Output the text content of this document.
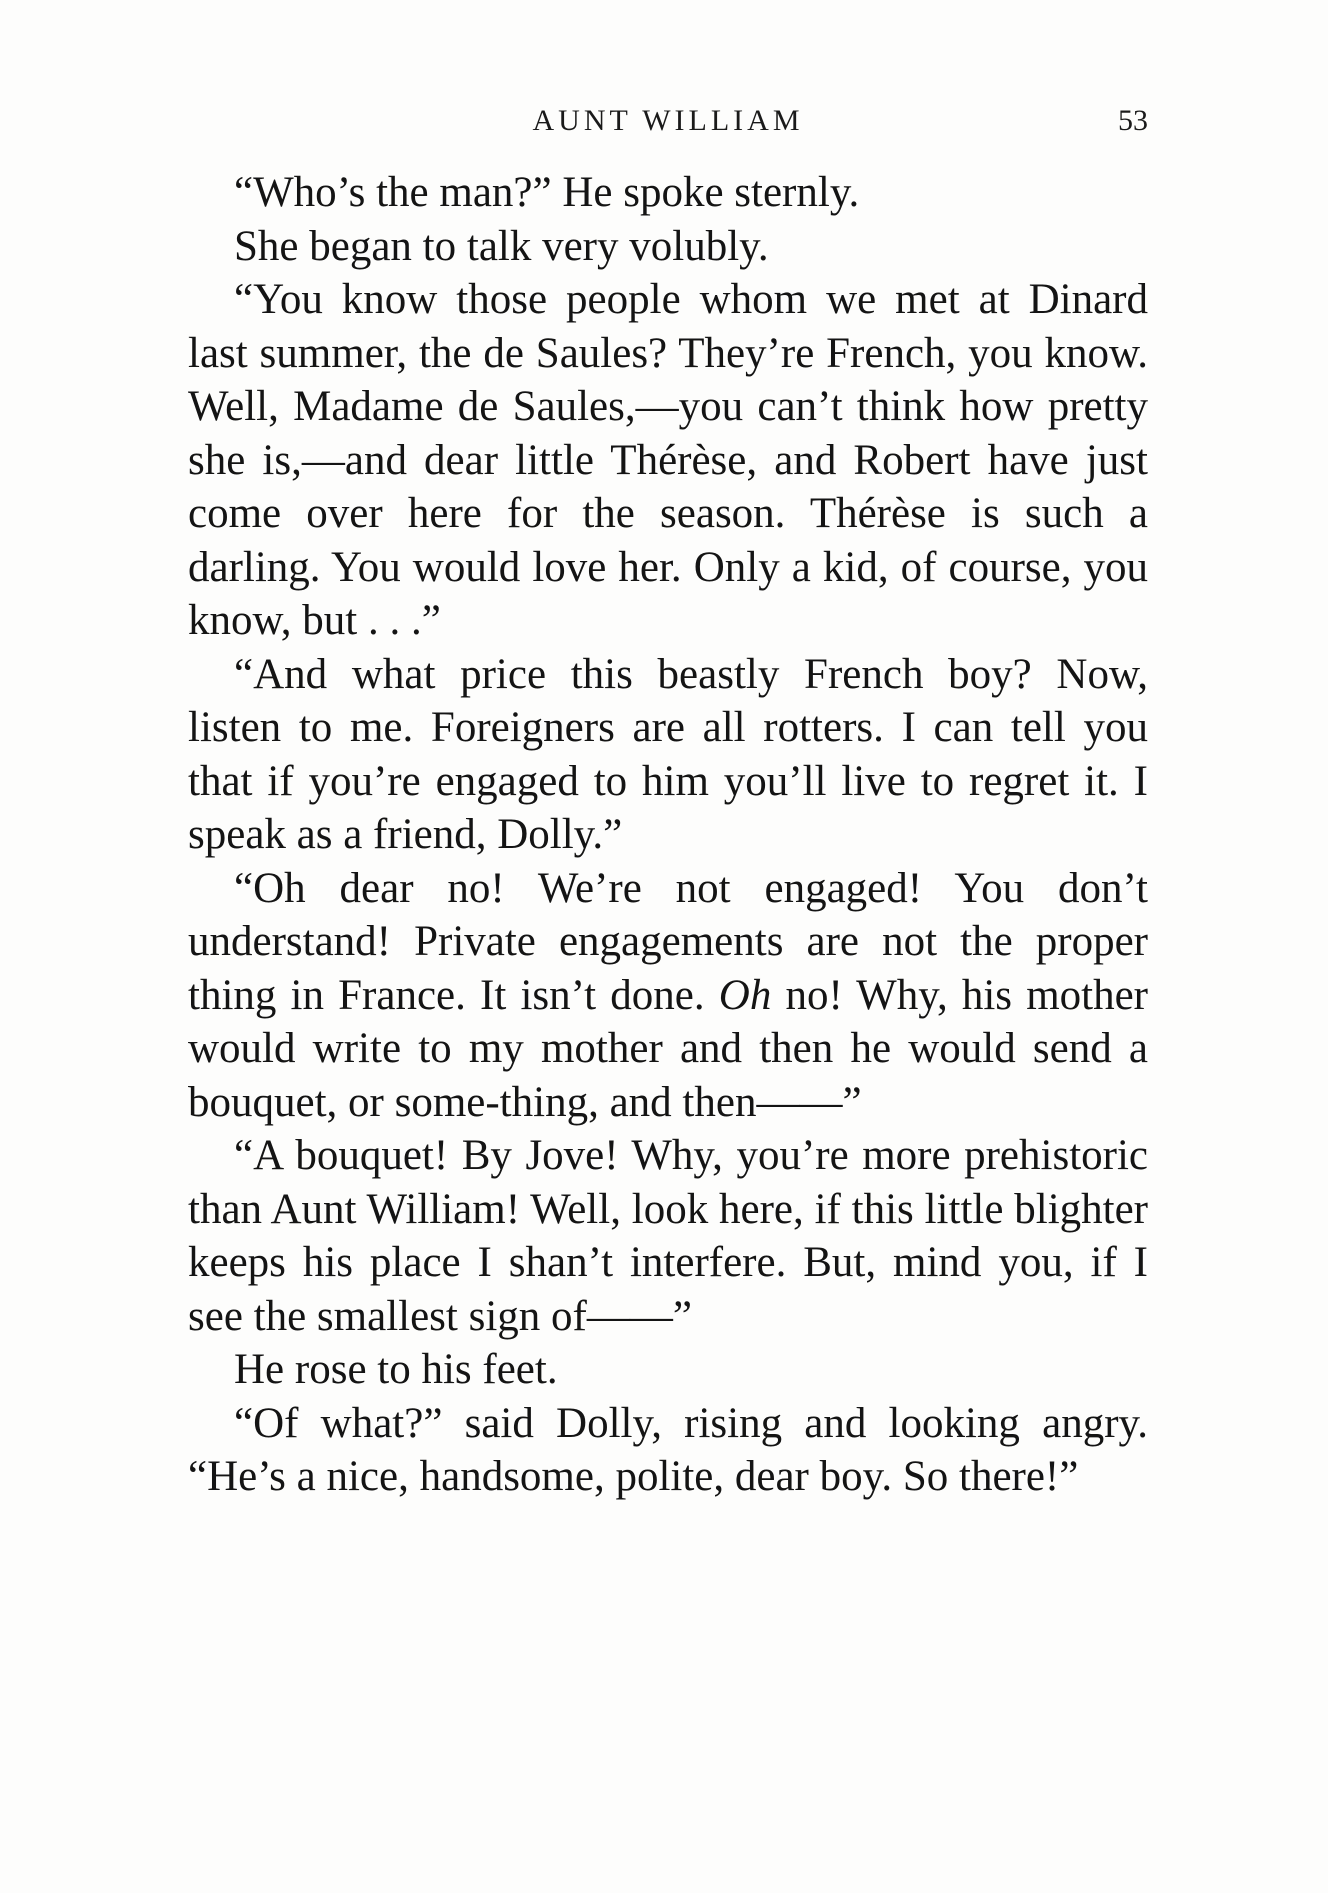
AUNT WILLIAM	53

“Who’s the man?” He spoke sternly.

She began to talk very volubly.

“You know those people whom we met at Dinard last summer, the de Saules? They’re French, you know. Well, Madame de Saules,—you can’t think how pretty she is,—and dear little Thérèse, and Robert have just come over here for the season. Thérèse is such a darling. You would love her. Only a kid, of course, you know, but . . .”

“And what price this beastly French boy? Now, listen to me. Foreigners are all rotters. I can tell you that if you’re engaged to him you’ll live to regret it. I speak as a friend, Dolly.”

“Oh dear no! We’re not engaged! You don’t understand! Private engagements are not the proper thing in France. It isn’t done. Oh no! Why, his mother would write to my mother and then he would send a bouquet, or some-thing, and then——”

“A bouquet! By Jove! Why, you’re more prehistoric than Aunt William! Well, look here, if this little blighter keeps his place I shan’t interfere. But, mind you, if I see the smallest sign of——”

He rose to his feet.

“Of what?” said Dolly, rising and looking angry. “He’s a nice, handsome, polite, dear boy. So there!”
